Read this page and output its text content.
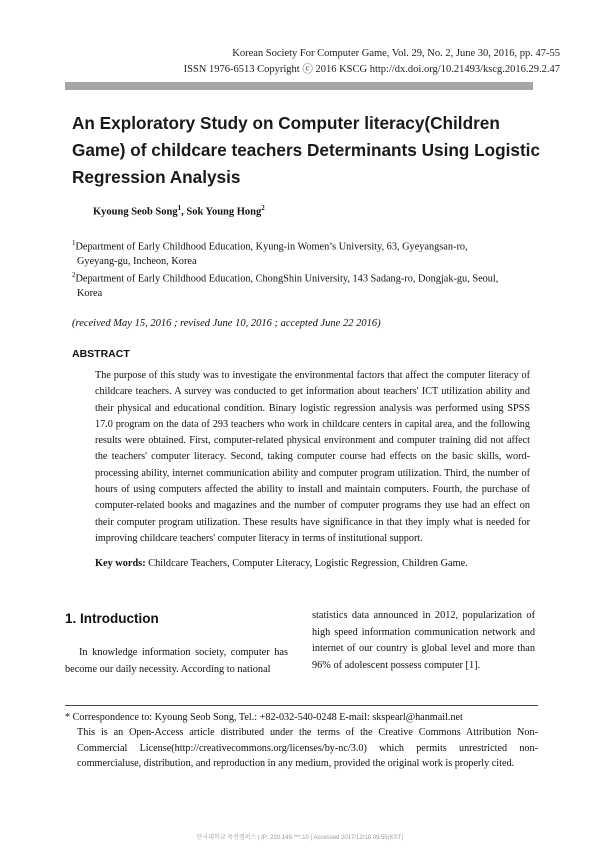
Korean Society For Computer Game, Vol. 29, No. 2, June 30, 2016, pp. 47-55
ISSN 1976-6513 Copyright ⓒ 2016 KSCG http://dx.doi.org/10.21493/kscg.2016.29.2.47
An Exploratory Study on Computer literacy(Children
Game) of childcare teachers Determinants Using Logistic
Regression Analysis
Kyoung Seob Song$^1$, Sok Young Hong$^2$
$^1$Department of Early Childhood Education, Kyung-in Women’s University, 63, Gyeyangsan-ro,
Gyeyang-gu, Incheon, Korea
$^2$Department of Early Childhood Education, ChongShin University, 143 Sadang-ro, Dongjak-gu, Seoul,
Korea
(received May 15, 2016 ; revised June 10, 2016 ; accepted June 22 2016)
ABSTRACT
The purpose of this study was to investigate the environmental factors that affect the computer literacy of childcare teachers. A survey was conducted to get information about teachers' ICT utilization ability and their physical and educational condition. Binary logistic regression analysis was performed using SPSS 17.0 program on the data of 293 teachers who work in childcare centers in capital area, and the following results were obtained. First, computer-related physical environment and computer training did not affect the teachers' computer literacy. Second, taking computer course had effects on the basic skills, word-processing ability, internet communication ability and computer program utilization. Third, the number of hours of using computers affected the ability to install and maintain computers. Fourth, the purchase of computer-related books and magazines and the number of computer programs they use had an effect on their computer program utilization. These results have significance in that they imply what is needed for improving childcare teachers' computer literacy in terms of institutional support.
Key words: Childcare Teachers, Computer Literacy, Logistic Regression, Children Game.
1. Introduction
In knowledge information society, computer has become our daily necessity. According to national
statistics data announced in 2012, popularization of high speed information communication network and internet of our country is global level and more than 96% of adolescent possess computer [1].
* Correspondence to: Kyoung Seob Song, Tel.: +82-032-540-0248 E-mail: skspearl@hanmail.net
This is an Open-Access article distributed under the terms of the Creative Commons Attribution Non-Commercial License(http://creativecommons.org/licenses/by-nc/3.0) which permits unrestricted non-commercialuse, distribution, and reproduction in any medium, provided the original work is properly cited.
단국대학교 죽전캠퍼스 | IP: 220.149.***.10 | Accessed 2017/12/18 09:55(KST)
